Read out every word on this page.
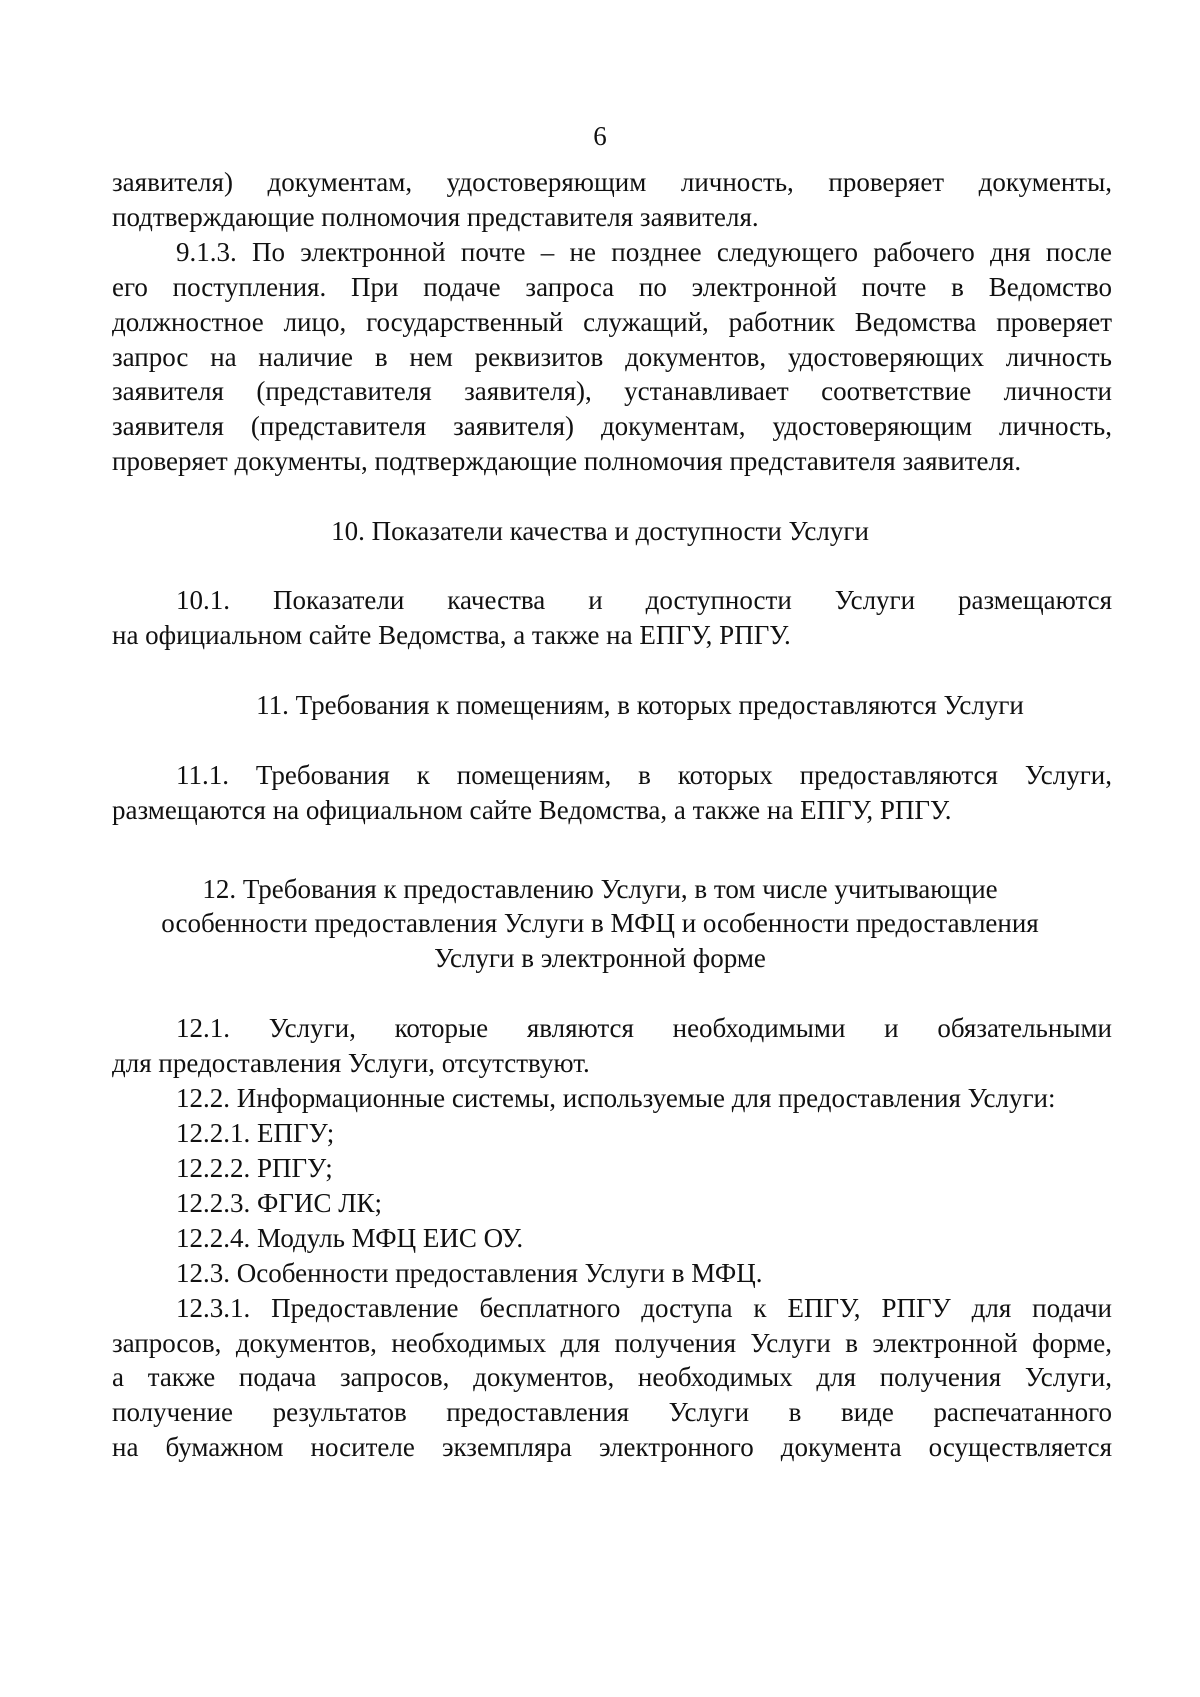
6
заявителя) документам, удостоверяющим личность, проверяет документы,
подтверждающие полномочия представителя заявителя.
9.1.3. По электронной почте – не позднее следующего рабочего дня после
его поступления. При подаче запроса по электронной почте в Ведомство
должностное лицо, государственный служащий, работник Ведомства проверяет
запрос на наличие в нем реквизитов документов, удостоверяющих личность
заявителя (представителя заявителя), устанавливает соответствие личности
заявителя (представителя заявителя) документам, удостоверяющим личность,
проверяет документы, подтверждающие полномочия представителя заявителя.
10. Показатели качества и доступности Услуги
10.1. Показатели качества и доступности Услуги размещаются
на официальном сайте Ведомства, а также на ЕПГУ, РПГУ.
11. Требования к помещениям, в которых предоставляются Услуги
11.1. Требования к помещениям, в которых предоставляются Услуги,
размещаются на официальном сайте Ведомства, а также на ЕПГУ, РПГУ.
12. Требования к предоставлению Услуги, в том числе учитывающие
особенности предоставления Услуги в МФЦ и особенности предоставления
Услуги в электронной форме
12.1. Услуги, которые являются необходимыми и обязательными
для предоставления Услуги, отсутствуют.
12.2. Информационные системы, используемые для предоставления Услуги:
12.2.1. ЕПГУ;
12.2.2. РПГУ;
12.2.3. ФГИС ЛК;
12.2.4. Модуль МФЦ ЕИС ОУ.
12.3. Особенности предоставления Услуги в МФЦ.
12.3.1. Предоставление бесплатного доступа к ЕПГУ, РПГУ для подачи
запросов, документов, необходимых для получения Услуги в электронной форме,
а также подача запросов, документов, необходимых для получения Услуги,
получение результатов предоставления Услуги в виде распечатанного
на бумажном носителе экземпляра электронного документа осуществляется
